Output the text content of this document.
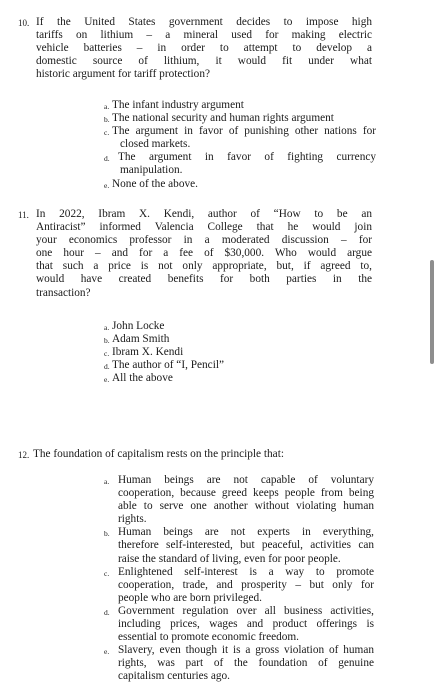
10. If the United States government decides to impose high
tariffs on lithium – a mineral used for making electric
vehicle batteries – in order to attempt to develop a
domestic source of lithium, it would fit under what
historic argument for tariff protection?
a. The infant industry argument
b. The national security and human rights argument
c. The argument in favor of punishing other nations for
closed markets.
d. The argument in favor of fighting currency
manipulation.
e. None of the above.
11. In 2022, Ibram X. Kendi, author of “How to be an
Antiracist” informed Valencia College that he would join
your economics professor in a moderated discussion – for
one hour – and for a fee of $30,000. Who would argue
that such a price is not only appropriate, but, if agreed to,
would have created benefits for both parties in the
transaction?
a. John Locke
b. Adam Smith
c. Ibram X. Kendi
d. The author of “I, Pencil”
e. All the above
12. The foundation of capitalism rests on the principle that:
a. Human beings are not capable of voluntary
cooperation, because greed keeps people from being
able to serve one another without violating human
rights.
b. Human beings are not experts in everything,
therefore self-interested, but peaceful, activities can
raise the standard of living, even for poor people.
c. Enlightened self-interest is a way to promote
cooperation, trade, and prosperity – but only for
people who are born privileged.
d. Government regulation over all business activities,
including prices, wages and product offerings is
essential to promote economic freedom.
e. Slavery, even though it is a gross violation of human
rights, was part of the foundation of genuine
capitalism centuries ago.
